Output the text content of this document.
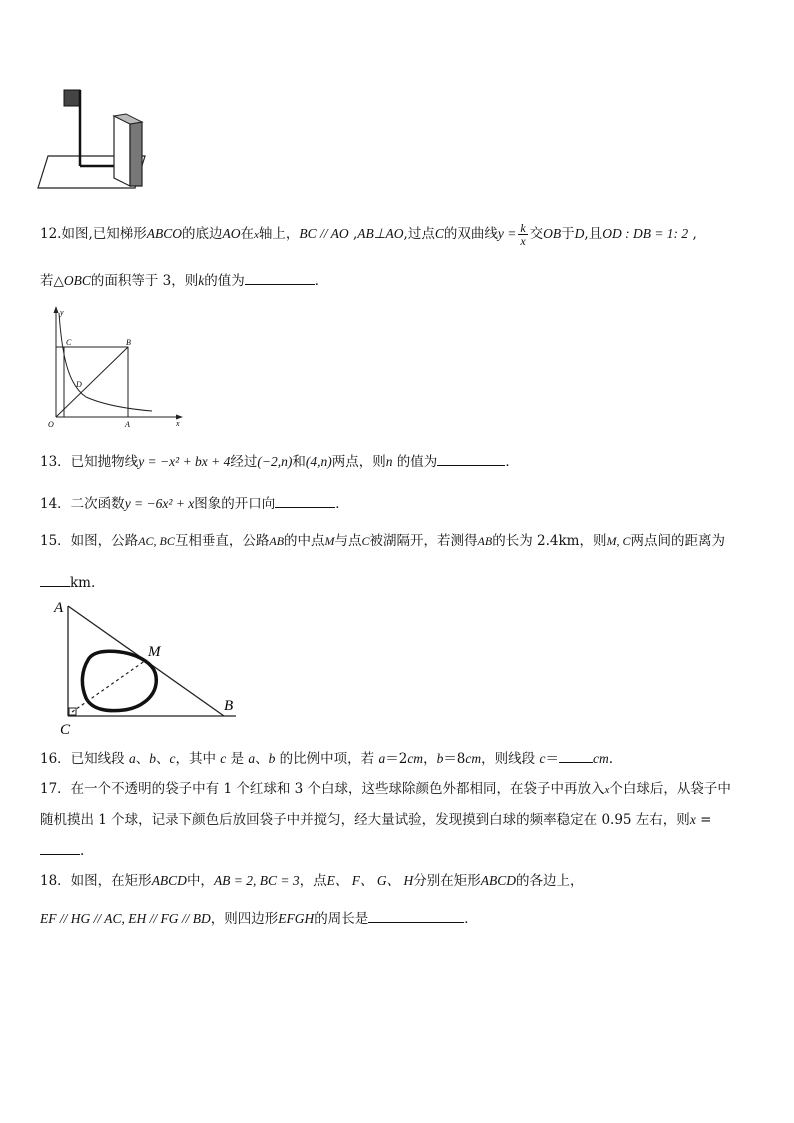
12.如图,已知梯形ABCO的底边AO在x轴上，BC // AO ,AB⊥AO,过点C的双曲线$y = \frac{k}{x}$ 交OB于D,且OD : DB = 1: 2 ,
若△OBC的面积等于 3，则k的值为	．
y
x
C	B
D
O	A
13．已知抛物线y = −x² + bx + 4经过(−2,n)和(4,n)两点，则n 的值为	．
14．二次函数y = −6x² + x图象的开口向	．
15．如图，公路AC, BC互相垂直，公路AB的中点M与点C被湖隔开，若测得AB的长为 2.4km，则M, C两点间的距离为
km.
A
M
B
C
16．已知线段 a、b、c，其中 c 是 a、b 的比例中项，若 a＝2cm，b＝8cm，则线段 c＝	cm.
17．在一个不透明的袋子中有 1 个红球和 3 个白球，这些球除颜色外都相同，在袋子中再放入x个白球后，从袋子中
随机摸出 1 个球，记录下颜色后放回袋子中并搅匀，经大量试验，发现摸到白球的频率稳定在 0.95 左右，则x =
.
18．如图，在矩形ABCD中，AB = 2, BC = 3，点E、 F、 G、 H分别在矩形ABCD的各边上，
EF // HG // AC, EH // FG // BD，则四边形EFGH的周长是	．
